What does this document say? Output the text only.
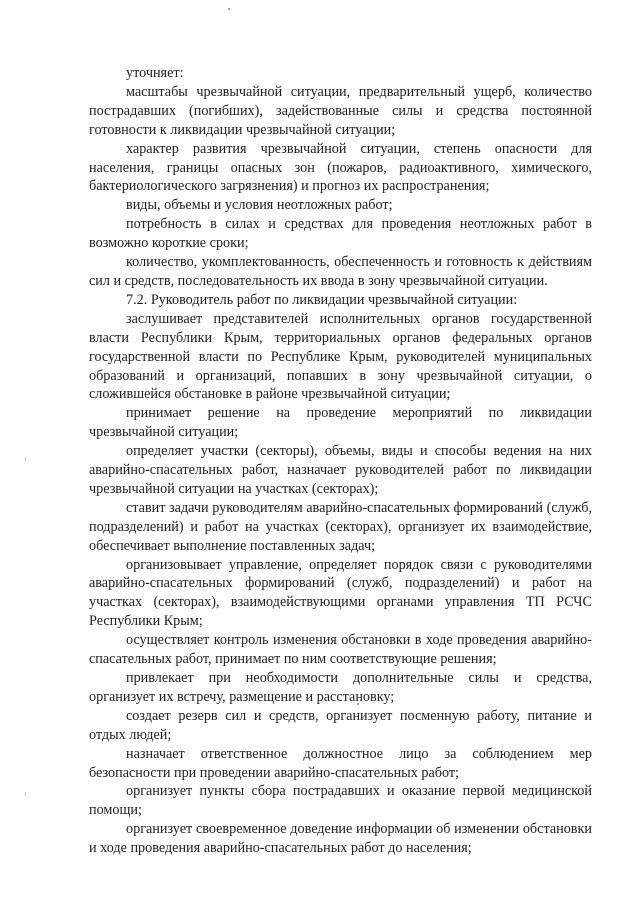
уточняет:

масштабы чрезвычайной ситуации, предварительный ущерб, количество пострадавших (погибших), задействованные силы и средства постоянной готовности к ликвидации чрезвычайной ситуации;

характер развития чрезвычайной ситуации, степень опасности для населения, границы опасных зон (пожаров, радиоактивного, химического, бактериологического загрязнения) и прогноз их распространения;

виды, объемы и условия неотложных работ;

потребность в силах и средствах для проведения неотложных работ в возможно короткие сроки;

количество, укомплектованность, обеспеченность и готовность к действиям сил и средств, последовательность их ввода в зону чрезвычайной ситуации.

7.2. Руководитель работ по ликвидации чрезвычайной ситуации:

заслушивает представителей исполнительных органов государственной власти Республики Крым, территориальных органов федеральных органов государственной власти по Республике Крым, руководителей муниципальных образований и организаций, попавших в зону чрезвычайной ситуации, о сложившейся обстановке в районе чрезвычайной ситуации;

принимает решение на проведение мероприятий по ликвидации чрезвычайной ситуации;

определяет участки (секторы), объемы, виды и способы ведения на них аварийно-спасательных работ, назначает руководителей работ по ликвидации чрезвычайной ситуации на участках (секторах);

ставит задачи руководителям аварийно-спасательных формирований (служб, подразделений) и работ на участках (секторах), организует их взаимодействие, обеспечивает выполнение поставленных задач;

организовывает управление, определяет порядок связи с руководителями аварийно-спасательных формирований (служб, подразделений) и работ на участках (секторах), взаимодействующими органами управления ТП РСЧС Республики Крым;

осуществляет контроль изменения обстановки в ходе проведения аварийно-спасательных работ, принимает по ним соответствующие решения;

привлекает при необходимости дополнительные силы и средства, организует их встречу, размещение и расстановку;

создает резерв сил и средств, организует посменную работу, питание и отдых людей;

назначает ответственное должностное лицо за соблюдением мер безопасности при проведении аварийно-спасательных работ;

организует пункты сбора пострадавших и оказание первой медицинской помощи;

организует своевременное доведение информации об изменении обстановки и ходе проведения аварийно-спасательных работ до населения;
